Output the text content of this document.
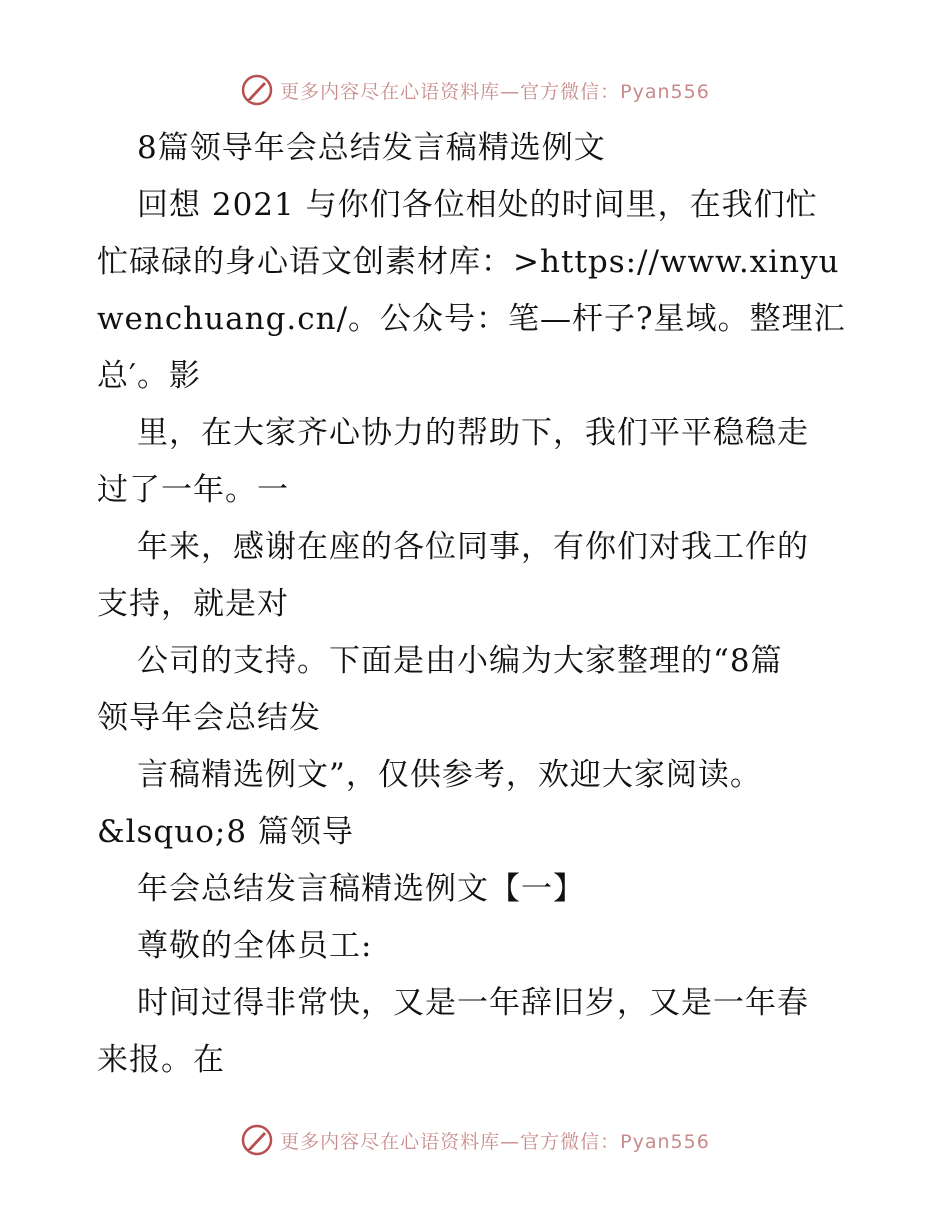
更多内容尽在心语资料库—官方微信：Pyan556
8篇领导年会总结发言稿精选例文
回想 2021 与你们各位相处的时间里，在我们忙
忙碌碌的身心语文创素材库：>https://www.xinyu
wenchuang.cn/。公众号：笔—杆子?星域。整理汇
总′。影
里，在大家齐心协力的帮助下，我们平平稳稳走
过了一年。一
年来，感谢在座的各位同事，有你们对我工作的
支持，就是对
公司的支持。下面是由小编为大家整理的“8篇
领导年会总结发
言稿精选例文”，仅供参考，欢迎大家阅读。
&lsquo;8 篇领导
年会总结发言稿精选例文【一】
尊敬的全体员工:
时间过得非常快，又是一年辞旧岁，又是一年春
来报。在
更多内容尽在心语资料库—官方微信：Pyan556
